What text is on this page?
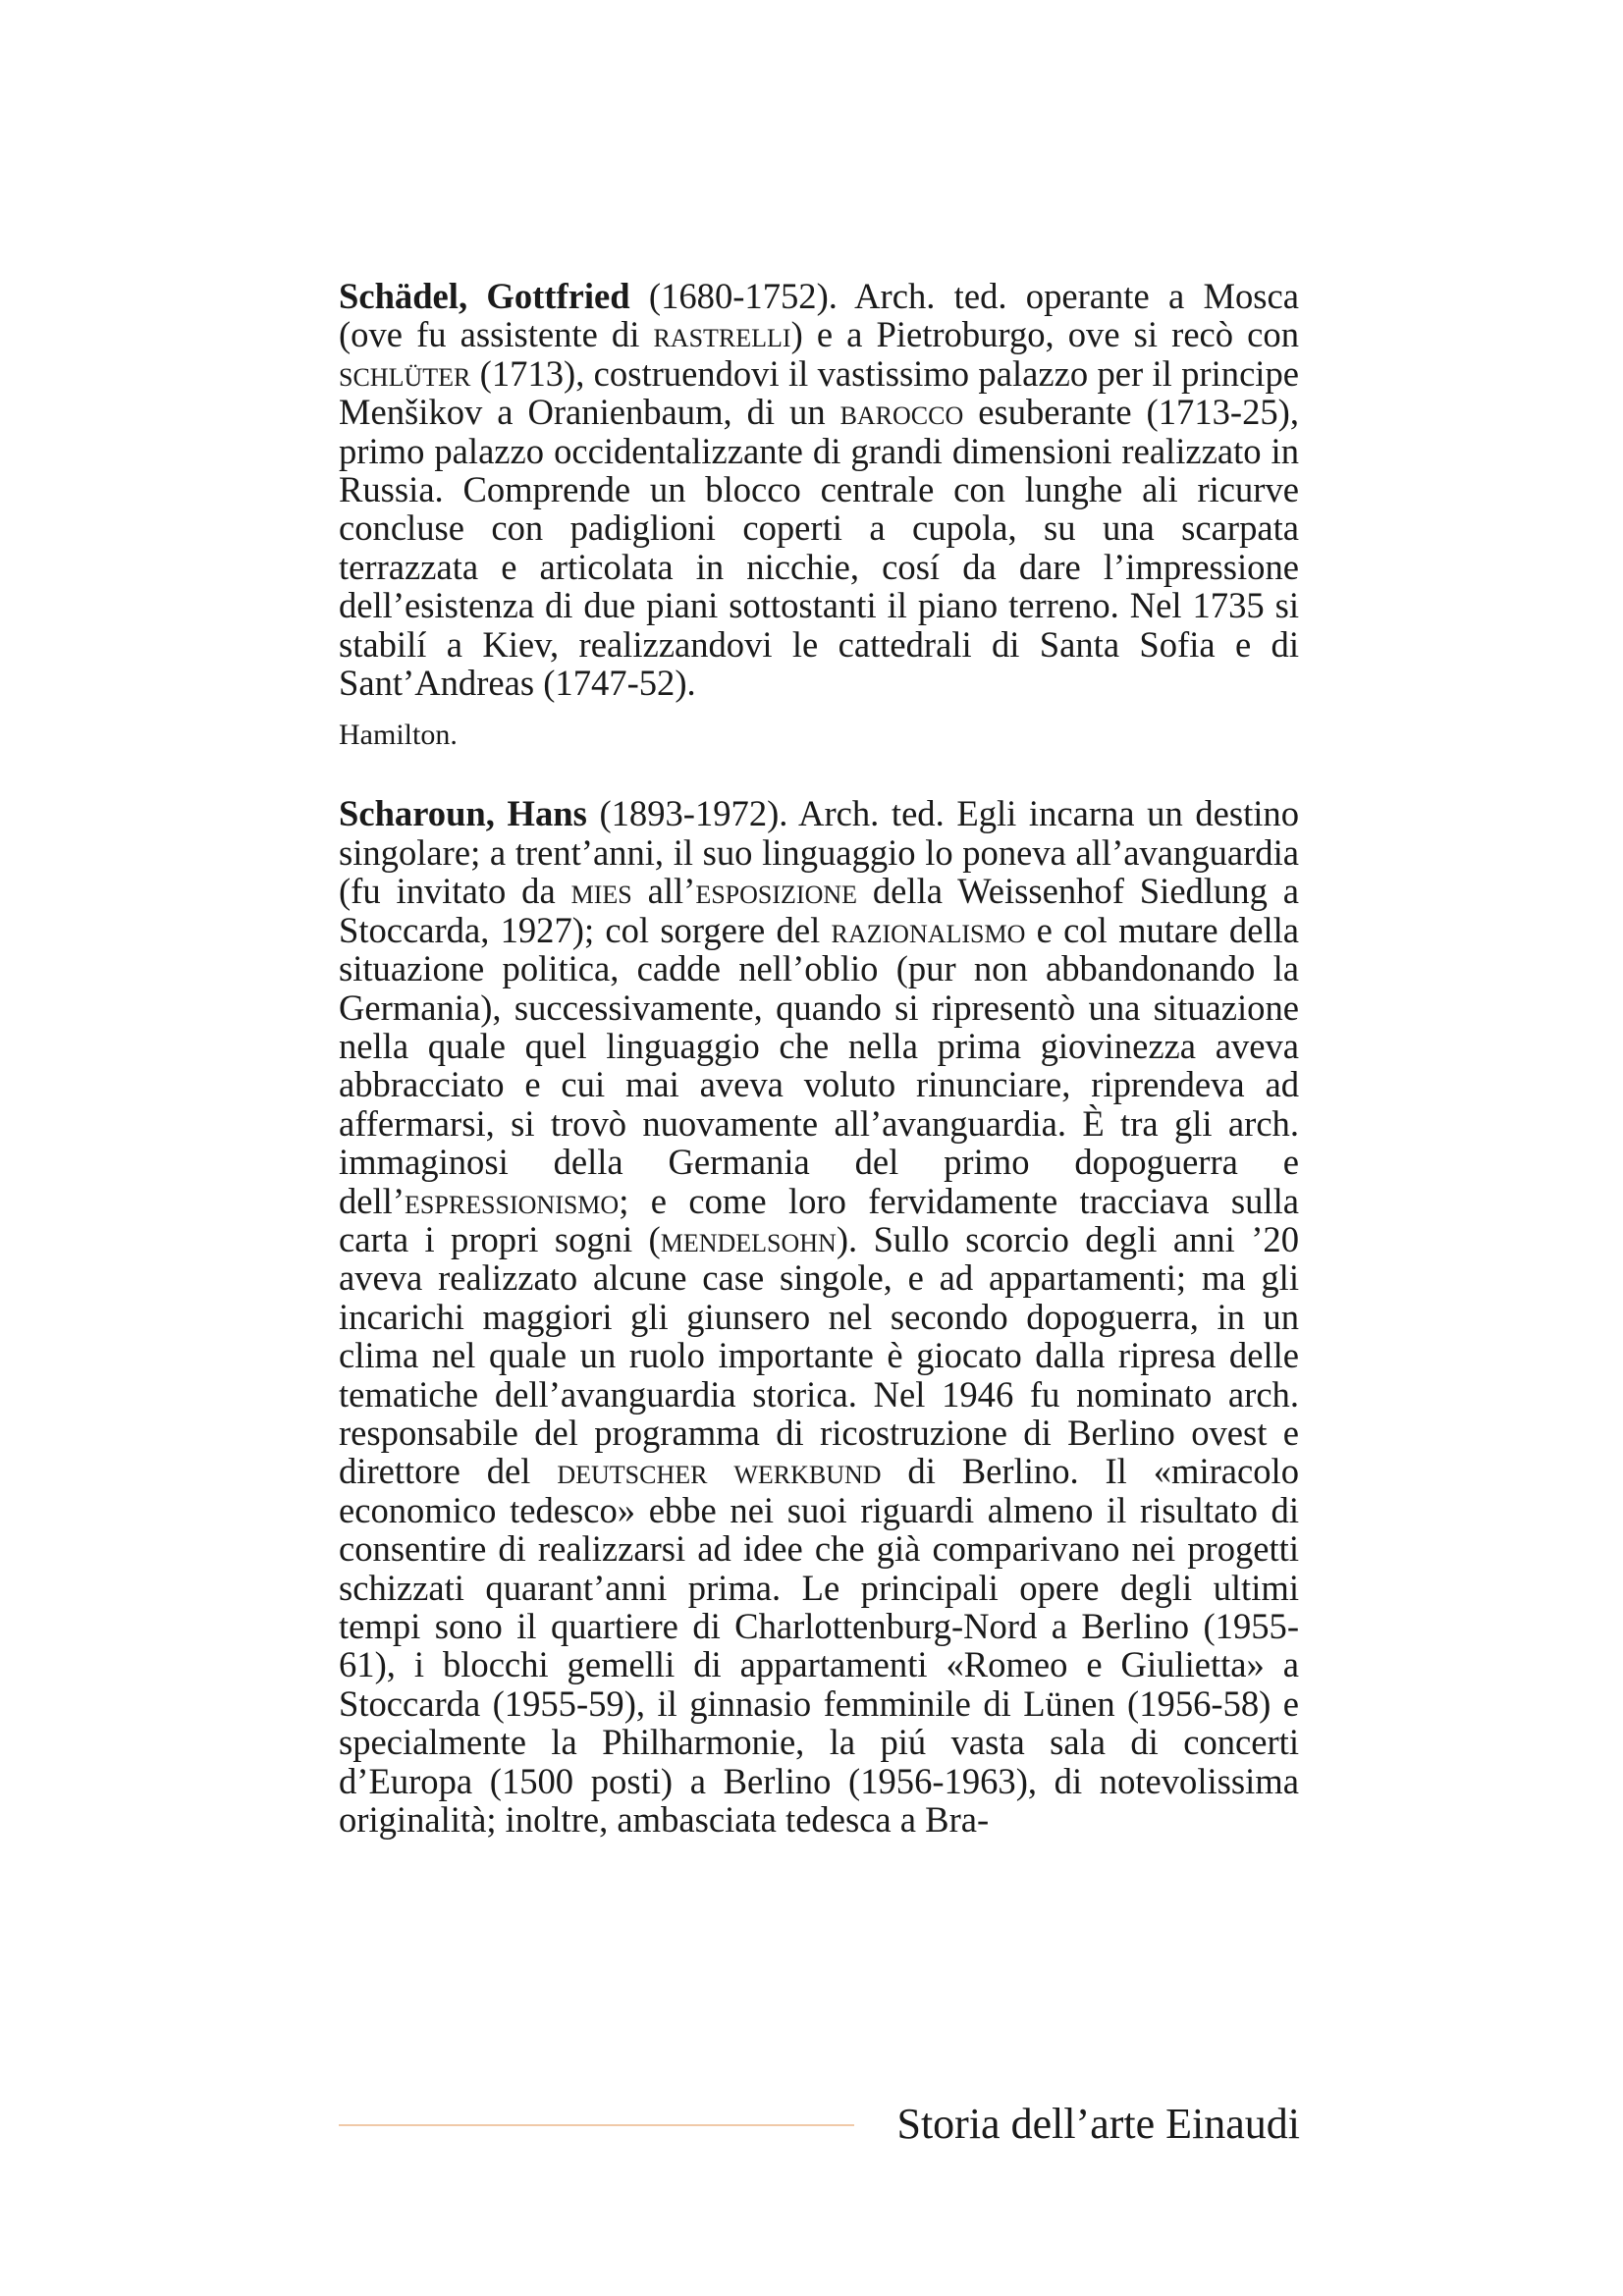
Schädel, Gottfried (1680-1752). Arch. ted. operante a Mosca (ove fu assistente di rastrelli) e a Pietroburgo, ove si recò con schlüter (1713), costruendovi il vastissimo palazzo per il principe Menšikov a Oranienbaum, di un barocco esuberante (1713-25), primo palazzo occidentalizzante di grandi dimensioni realizzato in Russia. Comprende un blocco centrale con lunghe ali ricurve concluse con padiglioni coperti a cupola, su una scarpata terrazzata e articolata in nicchie, cosí da dare l’impressione dell’esistenza di due piani sottostanti il piano terreno. Nel 1735 si stabilí a Kiev, realizzandovi le cattedrali di Santa Sofia e di Sant’Andreas (1747-52).

Hamilton.

Scharoun, Hans (1893-1972). Arch. ted. Egli incarna un destino singolare; a trent’anni, il suo linguaggio lo poneva all’avanguardia (fu invitato da mies all’esposizione della Weissenhof Siedlung a Stoccarda, 1927); col sorgere del razionalismo e col mutare della situazione politica, cadde nell’oblio (pur non abbandonando la Germania), successivamente, quando si ripresentò una situazione nella quale quel linguaggio che nella prima giovinezza aveva abbracciato e cui mai aveva voluto rinunciare, riprendeva ad affermarsi, si trovò nuovamente all’avanguardia. È tra gli arch. immaginosi della Germania del primo dopoguerra e dell’espressionismo; e come loro fervidamente tracciava sulla carta i propri sogni (mendelsohn). Sullo scorcio degli anni ’20 aveva realizzato alcune case singole, e ad appartamenti; ma gli incarichi maggiori gli giunsero nel secondo dopoguerra, in un clima nel quale un ruolo importante è giocato dalla ripresa delle tematiche dell’avanguardia storica. Nel 1946 fu nominato arch. responsabile del programma di ricostruzione di Berlino ovest e direttore del deutscher werkbund di Berlino. Il «miracolo economico tedesco» ebbe nei suoi riguardi almeno il risultato di consentire di realizzarsi ad idee che già comparivano nei progetti schizzati quarant’anni prima. Le principali opere degli ultimi tempi sono il quartiere di Charlottenburg-Nord a Berlino (1955-61), i blocchi gemelli di appartamenti «Romeo e Giulietta» a Stoccarda (1955-59), il ginnasio femminile di Lünen (1956-58) e specialmente la Philharmonie, la piú vasta sala di concerti d’Europa (1500 posti) a Berlino (1956-1963), di notevolissima originalità; inoltre, ambasciata tedesca a Bra-

Storia dell’arte Einaudi
